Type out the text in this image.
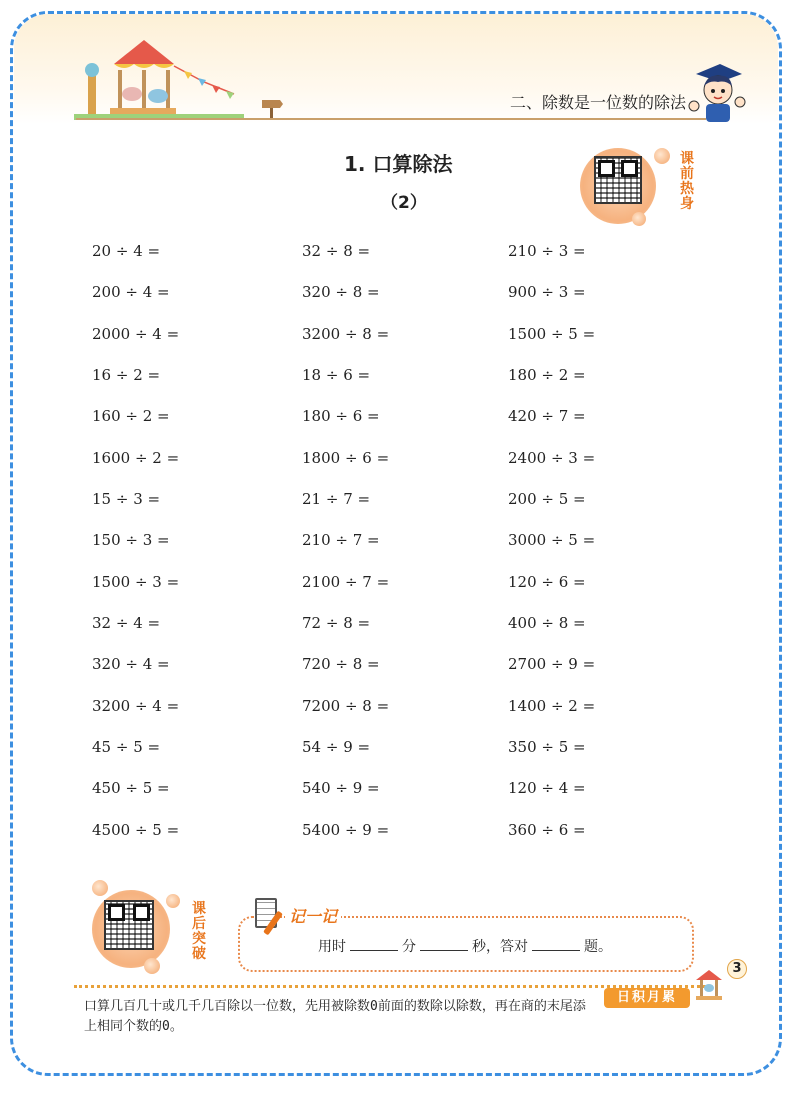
二、除数是一位数的除法
1. 口算除法
（2）
课前热身
20 ÷ 4 =	32 ÷ 8 =	210 ÷ 3 =
200 ÷ 4 =	320 ÷ 8 =	900 ÷ 3 =
2000 ÷ 4 =	3200 ÷ 8 =	1500 ÷ 5 =
16 ÷ 2 =	18 ÷ 6 =	180 ÷ 2 =
160 ÷ 2 =	180 ÷ 6 =	420 ÷ 7 =
1600 ÷ 2 =	1800 ÷ 6 =	2400 ÷ 3 =
15 ÷ 3 =	21 ÷ 7 =	200 ÷ 5 =
150 ÷ 3 =	210 ÷ 7 =	3000 ÷ 5 =
1500 ÷ 3 =	2100 ÷ 7 =	120 ÷ 6 =
32 ÷ 4 =	72 ÷ 8 =	400 ÷ 8 =
320 ÷ 4 =	720 ÷ 8 =	2700 ÷ 9 =
3200 ÷ 4 =	7200 ÷ 8 =	1400 ÷ 2 =
45 ÷ 5 =	54 ÷ 9 =	350 ÷ 5 =
450 ÷ 5 =	540 ÷ 9 =	120 ÷ 4 =
4500 ÷ 5 =	5400 ÷ 9 =	360 ÷ 6 =
课后突破
记一记
用时	分	秒，答对	题。
3
口算几百几十或几千几百除以一位数，先用被除数0前面的数除以除数，再在商的末尾添上相同个数的0。
日积月累
